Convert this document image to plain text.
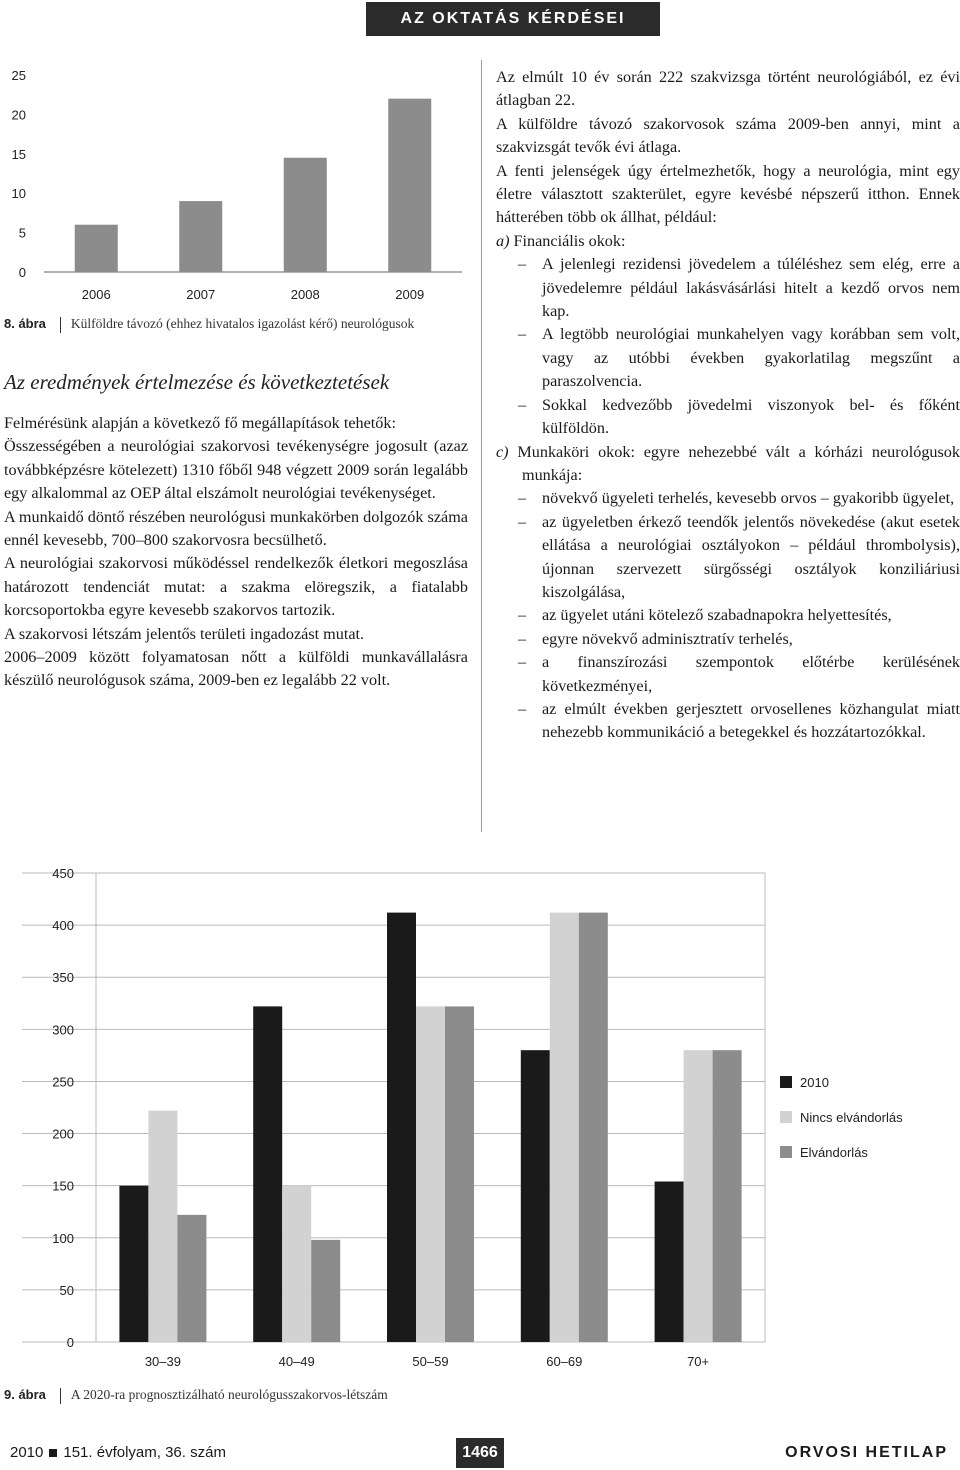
AZ OKTATÁS KÉRDÉSEI
0
5
10
15
20
25
2006	2007	2008	2009
8. ábra Külföldre távozó (ehhez hivatalos igazolást kérő) neurológusok
Az eredmények értelmezése és következtetések

Felmérésünk alapján a következő fő megállapítások tehetők:

Összességében a neurológiai szakorvosi tevékenységre jogosult (azaz továbbképzésre kötelezett) 1310 főből 948 végzett 2009 során legalább egy alkalommal az OEP által elszámolt neurológiai tevékenységet.

A munkaidő döntő részében neurológusi munkakörben dolgozók száma ennél kevesebb, 700–800 szakorvosra becsülhető.

A neurológiai szakorvosi működéssel rendelkezők életkori megoszlása határozott tendenciát mutat: a szakma elöregszik, a fiatalabb korcsoportokba egyre kevesebb szakorvos tartozik.

A szakorvosi létszám jelentős területi ingadozást mutat.

2006–2009 között folyamatosan nőtt a külföldi munkavállalásra készülő neurológusok száma, 2009-ben ez legalább 22 volt.

Az elmúlt 10 év során 222 szakvizsga történt neurológiából, ez évi átlagban 22.

A külföldre távozó szakorvosok száma 2009-ben annyi, mint a szakvizsgát tevők évi átlaga.

A fenti jelenségek úgy értelmezhetők, hogy a neurológia, mint egy életre választott szakterület, egyre kevésbé népszerű itthon. Ennek hátterében több ok állhat, például:

a) Financiális okok:

– A jelenlegi rezidensi jövedelem a túléléshez sem elég, erre a jövedelemre például lakásvásárlási hitelt a kezdő orvos nem kap.
– A legtöbb neurológiai munkahelyen vagy korábban sem volt, vagy az utóbbi években gyakorlatilag megszűnt a paraszolvencia.
– Sokkal kedvezőbb jövedelmi viszonyok bel- és főként külföldön.

c) Munkaköri okok: egyre nehezebbé vált a kórházi neurológusok munkája:

– növekvő ügyeleti terhelés, kevesebb orvos – gyakoribb ügyelet,
– az ügyeletben érkező teendők jelentős növekedése (akut esetek ellátása a neurológiai osztályokon – például thrombolysis), újonnan szervezett sürgősségi osztályok konziliáriusi kiszolgálása,
– az ügyelet utáni kötelező szabadnapokra helyettesítés,
– egyre növekvő adminisztratív terhelés,
– a finanszírozási szempontok előtérbe kerülésének következményei,
– az elmúlt években gerjesztett orvosellenes közhangulat miatt nehezebb kommunikáció a betegekkel és hozzátartozókkal.
0
50
100
150
200
250
300
350
400
450
30–39	40–49	50–59	60–69	70+
2010
Nincs elvándorlás
Elvándorlás
9. ábra A 2020-ra prognosztizálható neurológusszakorvos-létszám
2010 151. évfolyam, 36. szám	1466	ORVOSI HETILAP
